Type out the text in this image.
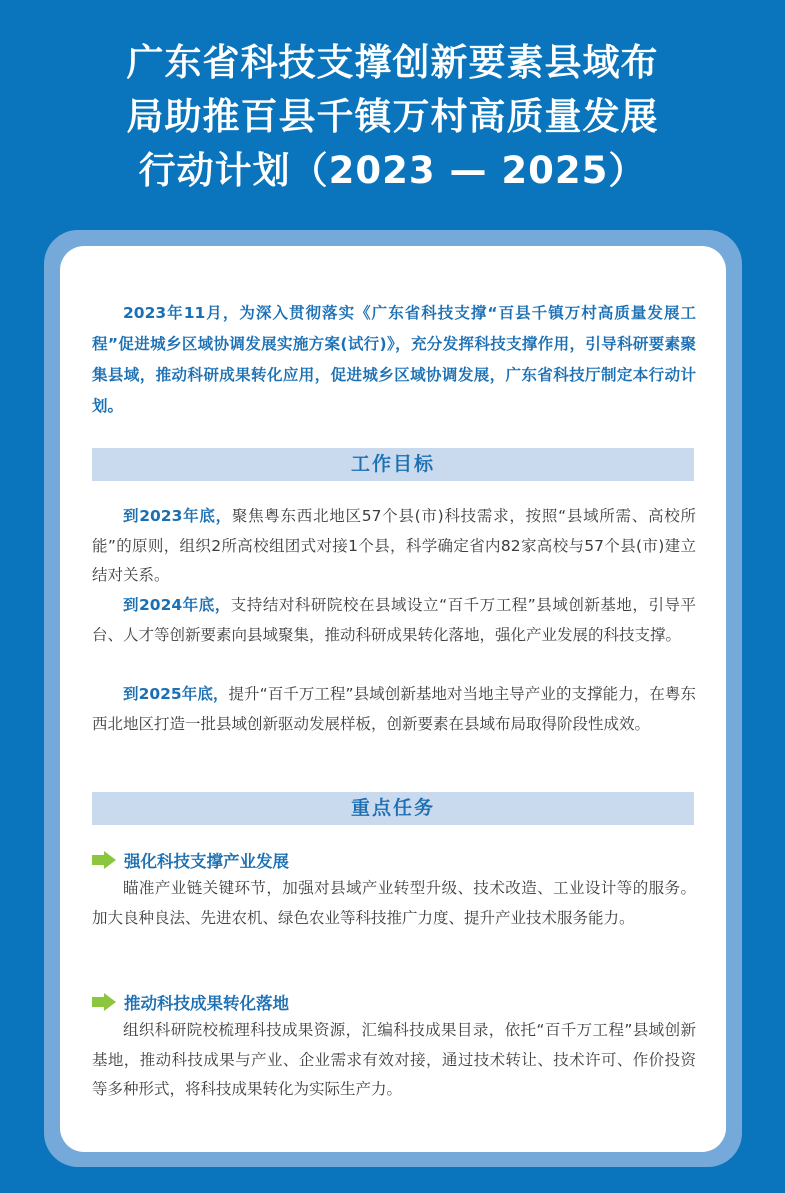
广东省科技支撑创新要素县域布
局助推百县千镇万村高质量发展
行动计划（2023 — 2025）

2023年11月，为深入贯彻落实《广东省科技支撑“百县千镇万村高质量发展工程”促进城乡区域协调发展实施方案(试行)》，充分发挥科技支撑作用，引导科研要素聚集县域，推动科研成果转化应用，促进城乡区域协调发展，广东省科技厅制定本行动计划。

工作目标

到2023年底，聚焦粤东西北地区57个县(市)科技需求，按照“县域所需、高校所能”的原则，组织2所高校组团式对接1个县，科学确定省内82家高校与57个县(市)建立结对关系。

到2024年底，支持结对科研院校在县域设立“百千万工程”县域创新基地，引导平台、人才等创新要素向县域聚集，推动科研成果转化落地，强化产业发展的科技支撑。

到2025年底，提升“百千万工程”县域创新基地对当地主导产业的支撑能力，在粤东西北地区打造一批县域创新驱动发展样板，创新要素在县域布局取得阶段性成效。

重点任务
强化科技支撑产业发展

瞄准产业链关键环节，加强对县域产业转型升级、技术改造、工业设计等的服务。加大良种良法、先进农机、绿色农业等科技推广力度、提升产业技术服务能力。

推动科技成果转化落地

组织科研院校梳理科技成果资源，汇编科技成果目录，依托“百千万工程”县域创新基地，推动科技成果与产业、企业需求有效对接，通过技术转让、技术许可、作价投资等多种形式，将科技成果转化为实际生产力。
